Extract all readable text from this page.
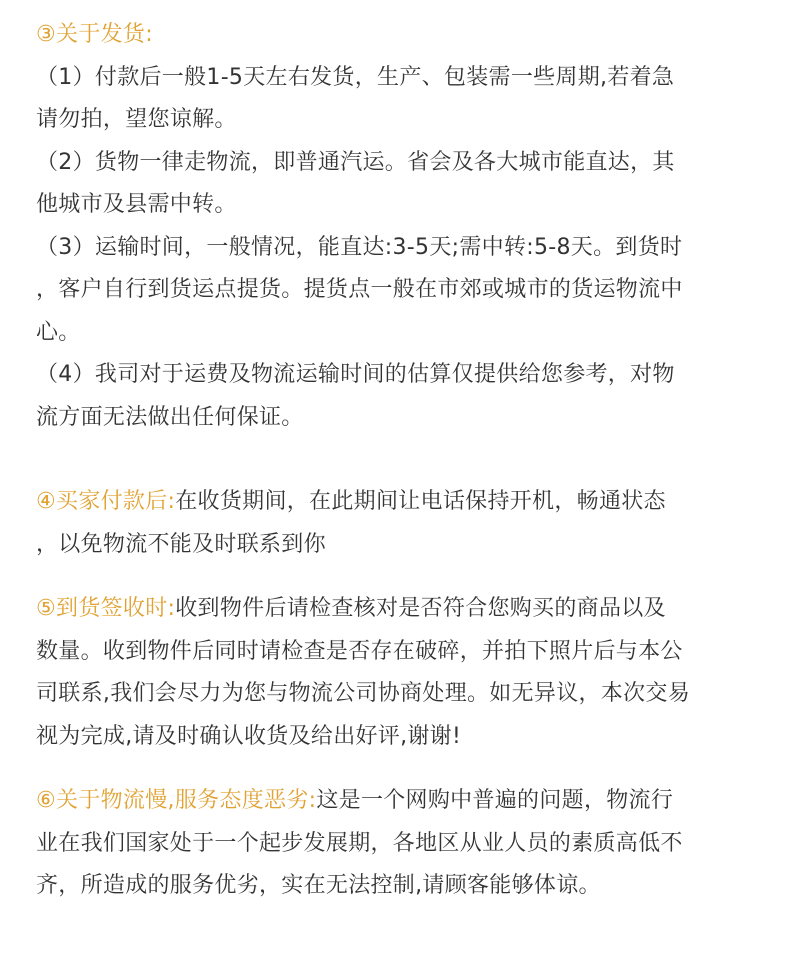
③关于发货:
（1）付款后一般1-5天左右发货，生产、包装需一些周期,若着急
请勿拍，望您谅解。
（2）货物一律走物流，即普通汽运。省会及各大城市能直达，其
他城市及县需中转。
（3）运输时间，一般情况，能直达:3-5天;需中转:5-8天。到货时
，客户自行到货运点提货。提货点一般在市郊或城市的货运物流中
心。
（4）我司对于运费及物流运输时间的估算仅提供给您参考，对物
流方面无法做出任何保证。
④买家付款后:在收货期间，在此期间让电话保持开机，畅通状态
，以免物流不能及时联系到你
⑤到货签收时:收到物件后请检查核对是否符合您购买的商品以及
数量。收到物件后同时请检查是否存在破碎，并拍下照片后与本公
司联系,我们会尽力为您与物流公司协商处理。如无异议，本次交易
视为完成,请及时确认收货及给出好评,谢谢!
⑥关于物流慢,服务态度恶劣:这是一个网购中普遍的问题，物流行
业在我们国家处于一个起步发展期，各地区从业人员的素质高低不
齐，所造成的服务优劣，实在无法控制,请顾客能够体谅。
